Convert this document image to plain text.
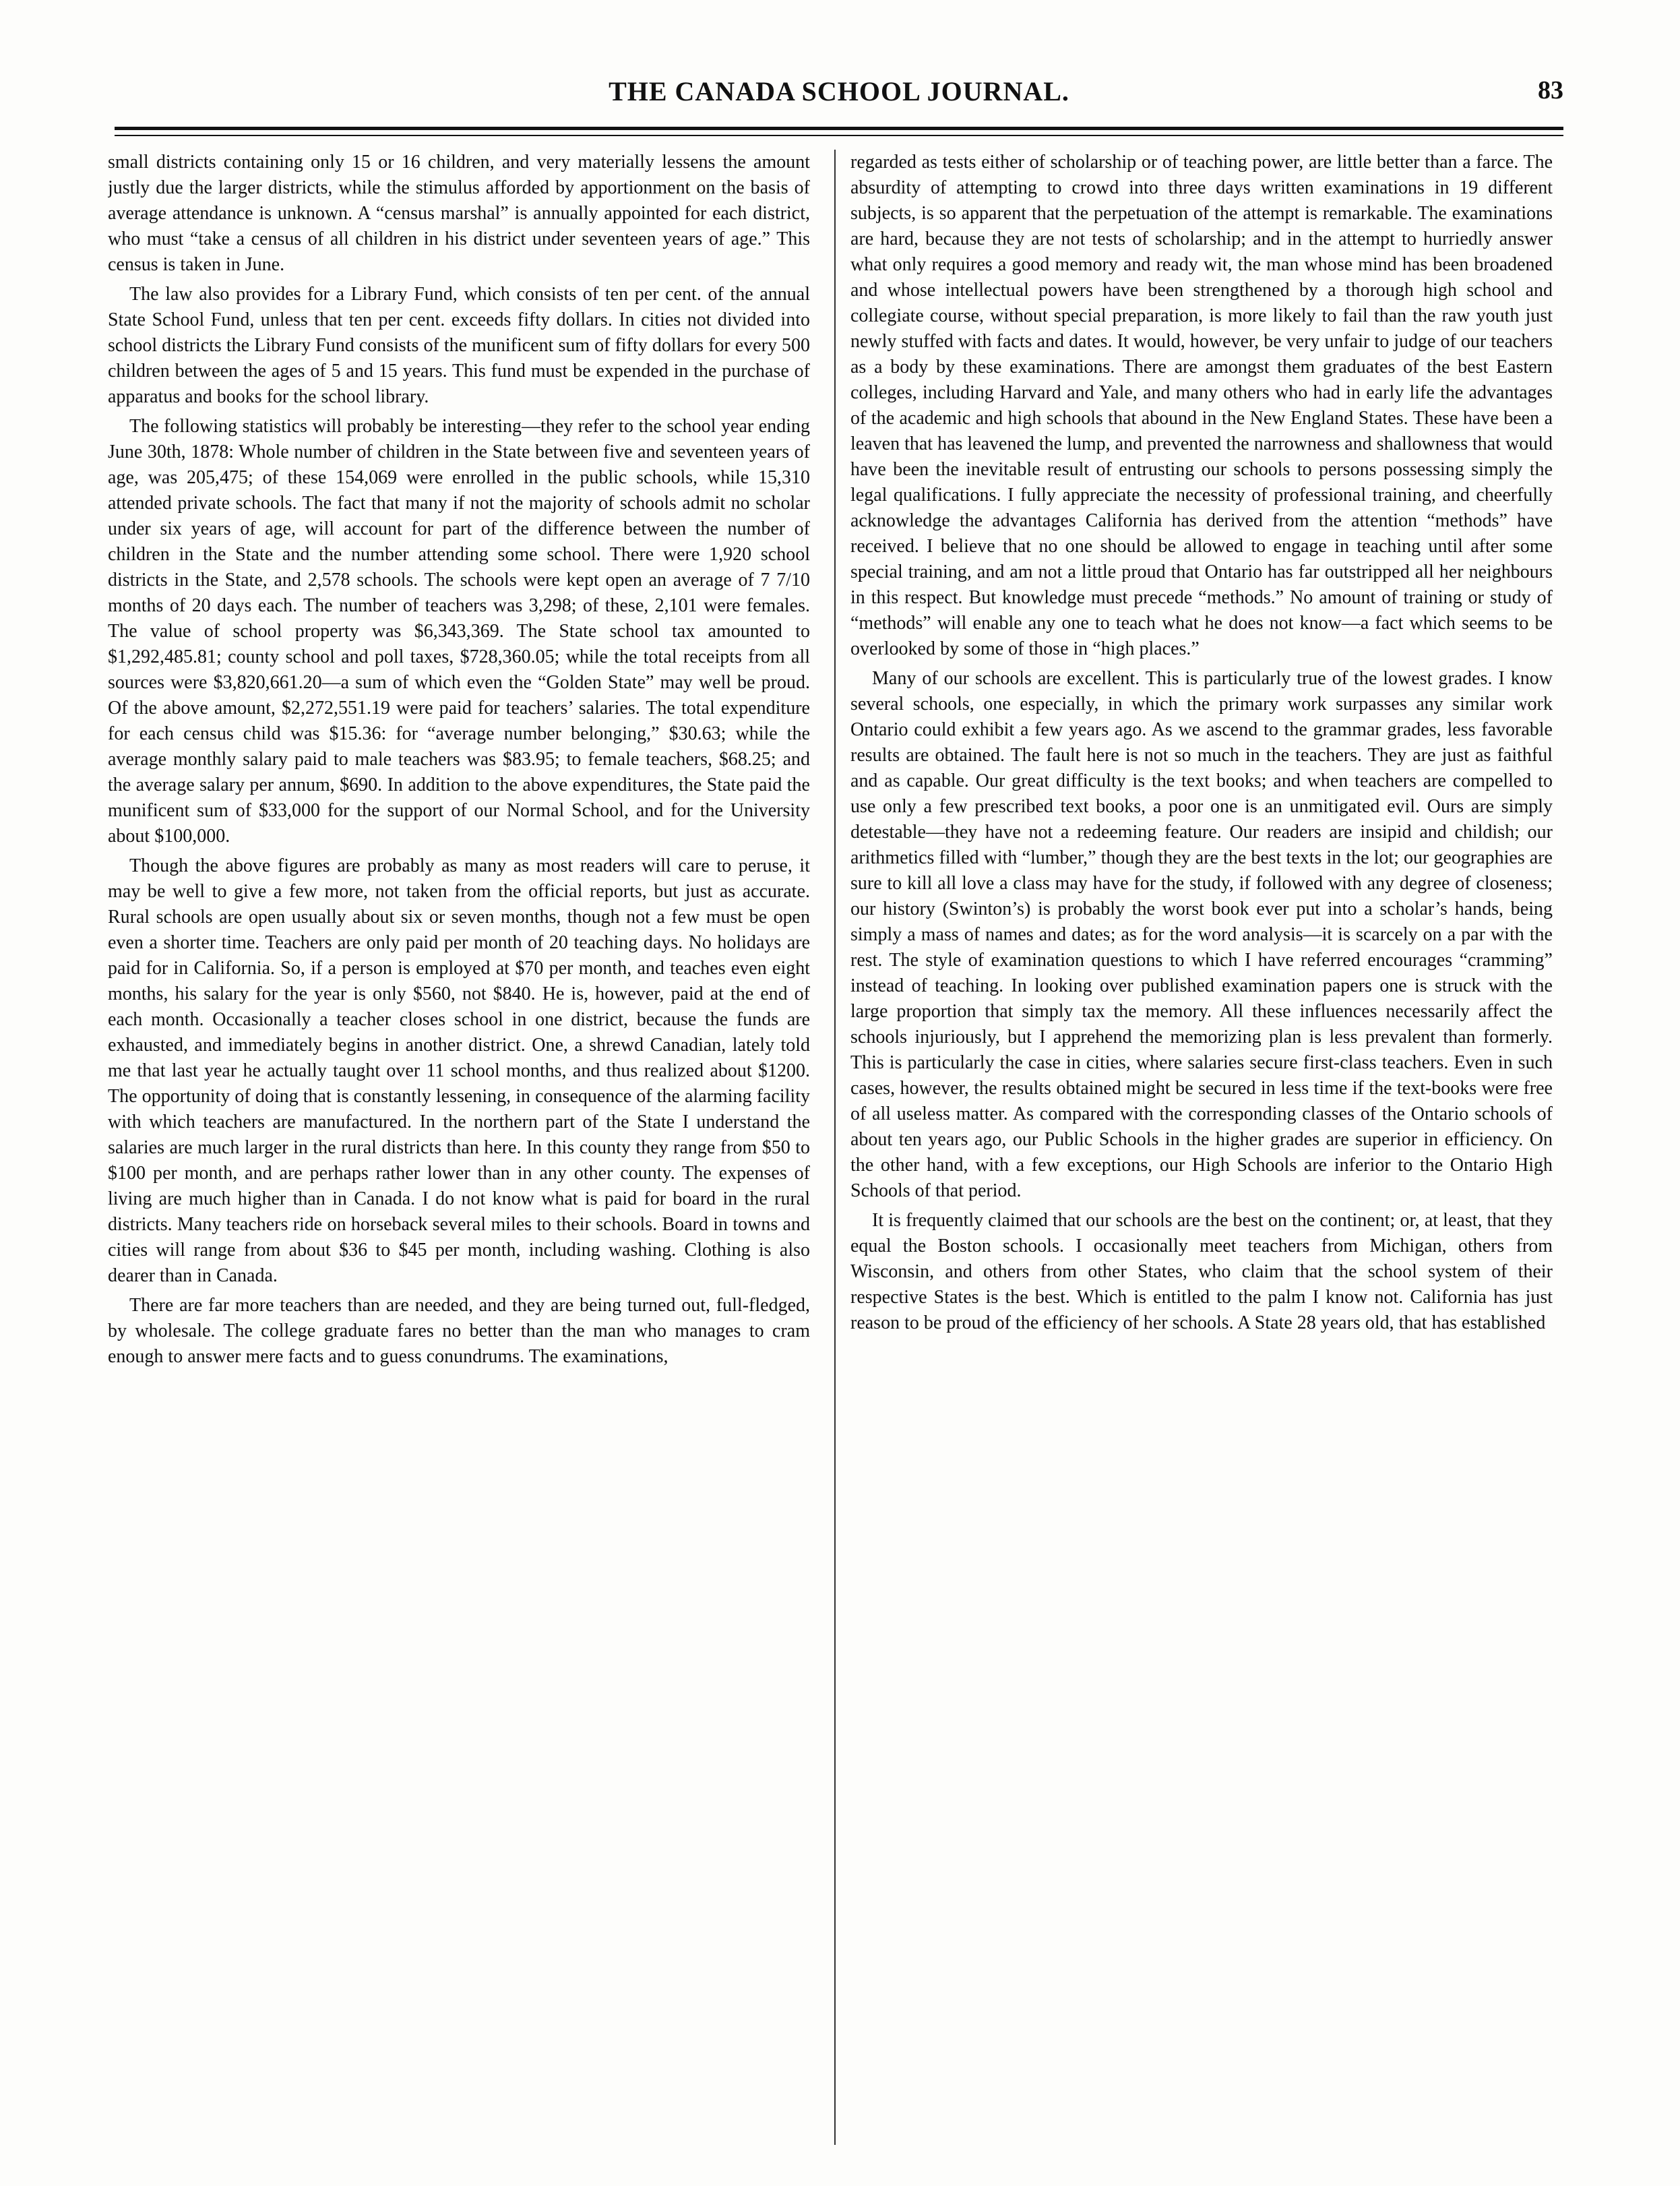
THE CANADA SCHOOL JOURNAL.	83

small districts containing only 15 or 16 children, and very materially lessens the amount justly due the larger districts, while the stimulus afforded by apportionment on the basis of average attendance is unknown. A “census marshal” is annually appointed for each district, who must “take a census of all children in his district under seventeen years of age.” This census is taken in June.

The law also provides for a Library Fund, which consists of ten per cent. of the annual State School Fund, unless that ten per cent. exceeds fifty dollars. In cities not divided into school districts the Library Fund consists of the munificent sum of fifty dollars for every 500 children between the ages of 5 and 15 years. This fund must be expended in the purchase of apparatus and books for the school library.

The following statistics will probably be interesting—they refer to the school year ending June 30th, 1878: Whole number of children in the State between five and seventeen years of age, was 205,475; of these 154,069 were enrolled in the public schools, while 15,310 attended private schools. The fact that many if not the majority of schools admit no scholar under six years of age, will account for part of the difference between the number of children in the State and the number attending some school. There were 1,920 school districts in the State, and 2,578 schools. The schools were kept open an average of 7 7/10 months of 20 days each. The number of teachers was 3,298; of these, 2,101 were females. The value of school property was $6,343,369. The State school tax amounted to $1,292,485.81; county school and poll taxes, $728,360.05; while the total receipts from all sources were $3,820,661.20—a sum of which even the “Golden State” may well be proud. Of the above amount, $2,272,551.19 were paid for teachers’ salaries. The total expenditure for each census child was $15.36: for “average number belonging,” $30.63; while the average monthly salary paid to male teachers was $83.95; to female teachers, $68.25; and the average salary per annum, $690. In addition to the above expenditures, the State paid the munificent sum of $33,000 for the support of our Normal School, and for the University about $100,000.

Though the above figures are probably as many as most readers will care to peruse, it may be well to give a few more, not taken from the official reports, but just as accurate. Rural schools are open usually about six or seven months, though not a few must be open even a shorter time. Teachers are only paid per month of 20 teaching days. No holidays are paid for in California. So, if a person is employed at $70 per month, and teaches even eight months, his salary for the year is only $560, not $840. He is, however, paid at the end of each month. Occasionally a teacher closes school in one district, because the funds are exhausted, and immediately begins in another district. One, a shrewd Canadian, lately told me that last year he actually taught over 11 school months, and thus realized about $1200. The opportunity of doing that is constantly lessening, in consequence of the alarming facility with which teachers are manufactured. In the northern part of the State I understand the salaries are much larger in the rural districts than here. In this county they range from $50 to $100 per month, and are perhaps rather lower than in any other county. The expenses of living are much higher than in Canada. I do not know what is paid for board in the rural districts. Many teachers ride on horseback several miles to their schools. Board in towns and cities will range from about $36 to $45 per month, including washing. Clothing is also dearer than in Canada.

There are far more teachers than are needed, and they are being turned out, full-fledged, by wholesale. The college graduate fares no better than the man who manages to cram enough to answer mere facts and to guess conundrums. The examinations,

regarded as tests either of scholarship or of teaching power, are little better than a farce. The absurdity of attempting to crowd into three days written examinations in 19 different subjects, is so apparent that the perpetuation of the attempt is remarkable. The examinations are hard, because they are not tests of scholarship; and in the attempt to hurriedly answer what only requires a good memory and ready wit, the man whose mind has been broadened and whose intellectual powers have been strengthened by a thorough high school and collegiate course, without special preparation, is more likely to fail than the raw youth just newly stuffed with facts and dates. It would, however, be very unfair to judge of our teachers as a body by these examinations. There are amongst them graduates of the best Eastern colleges, including Harvard and Yale, and many others who had in early life the advantages of the academic and high schools that abound in the New England States. These have been a leaven that has leavened the lump, and prevented the narrowness and shallowness that would have been the inevitable result of entrusting our schools to persons possessing simply the legal qualifications. I fully appreciate the necessity of professional training, and cheerfully acknowledge the advantages California has derived from the attention “methods” have received. I believe that no one should be allowed to engage in teaching until after some special training, and am not a little proud that Ontario has far outstripped all her neighbours in this respect. But knowledge must precede “methods.” No amount of training or study of “methods” will enable any one to teach what he does not know—a fact which seems to be overlooked by some of those in “high places.”

Many of our schools are excellent. This is particularly true of the lowest grades. I know several schools, one especially, in which the primary work surpasses any similar work Ontario could exhibit a few years ago. As we ascend to the grammar grades, less favorable results are obtained. The fault here is not so much in the teachers. They are just as faithful and as capable. Our great difficulty is the text books; and when teachers are compelled to use only a few prescribed text books, a poor one is an unmitigated evil. Ours are simply detestable—they have not a redeeming feature. Our readers are insipid and childish; our arithmetics filled with “lumber,” though they are the best texts in the lot; our geographies are sure to kill all love a class may have for the study, if followed with any degree of closeness; our history (Swinton’s) is probably the worst book ever put into a scholar’s hands, being simply a mass of names and dates; as for the word analysis—it is scarcely on a par with the rest. The style of examination questions to which I have referred encourages “cramming” instead of teaching. In looking over published examination papers one is struck with the large proportion that simply tax the memory. All these influences necessarily affect the schools injuriously, but I apprehend the memorizing plan is less prevalent than formerly. This is particularly the case in cities, where salaries secure first-class teachers. Even in such cases, however, the results obtained might be secured in less time if the text-books were free of all useless matter. As compared with the corresponding classes of the Ontario schools of about ten years ago, our Public Schools in the higher grades are superior in efficiency. On the other hand, with a few exceptions, our High Schools are inferior to the Ontario High Schools of that period.

It is frequently claimed that our schools are the best on the continent; or, at least, that they equal the Boston schools. I occasionally meet teachers from Michigan, others from Wisconsin, and others from other States, who claim that the school system of their respective States is the best. Which is entitled to the palm I know not. California has just reason to be proud of the efficiency of her schools. A State 28 years old, that has established
